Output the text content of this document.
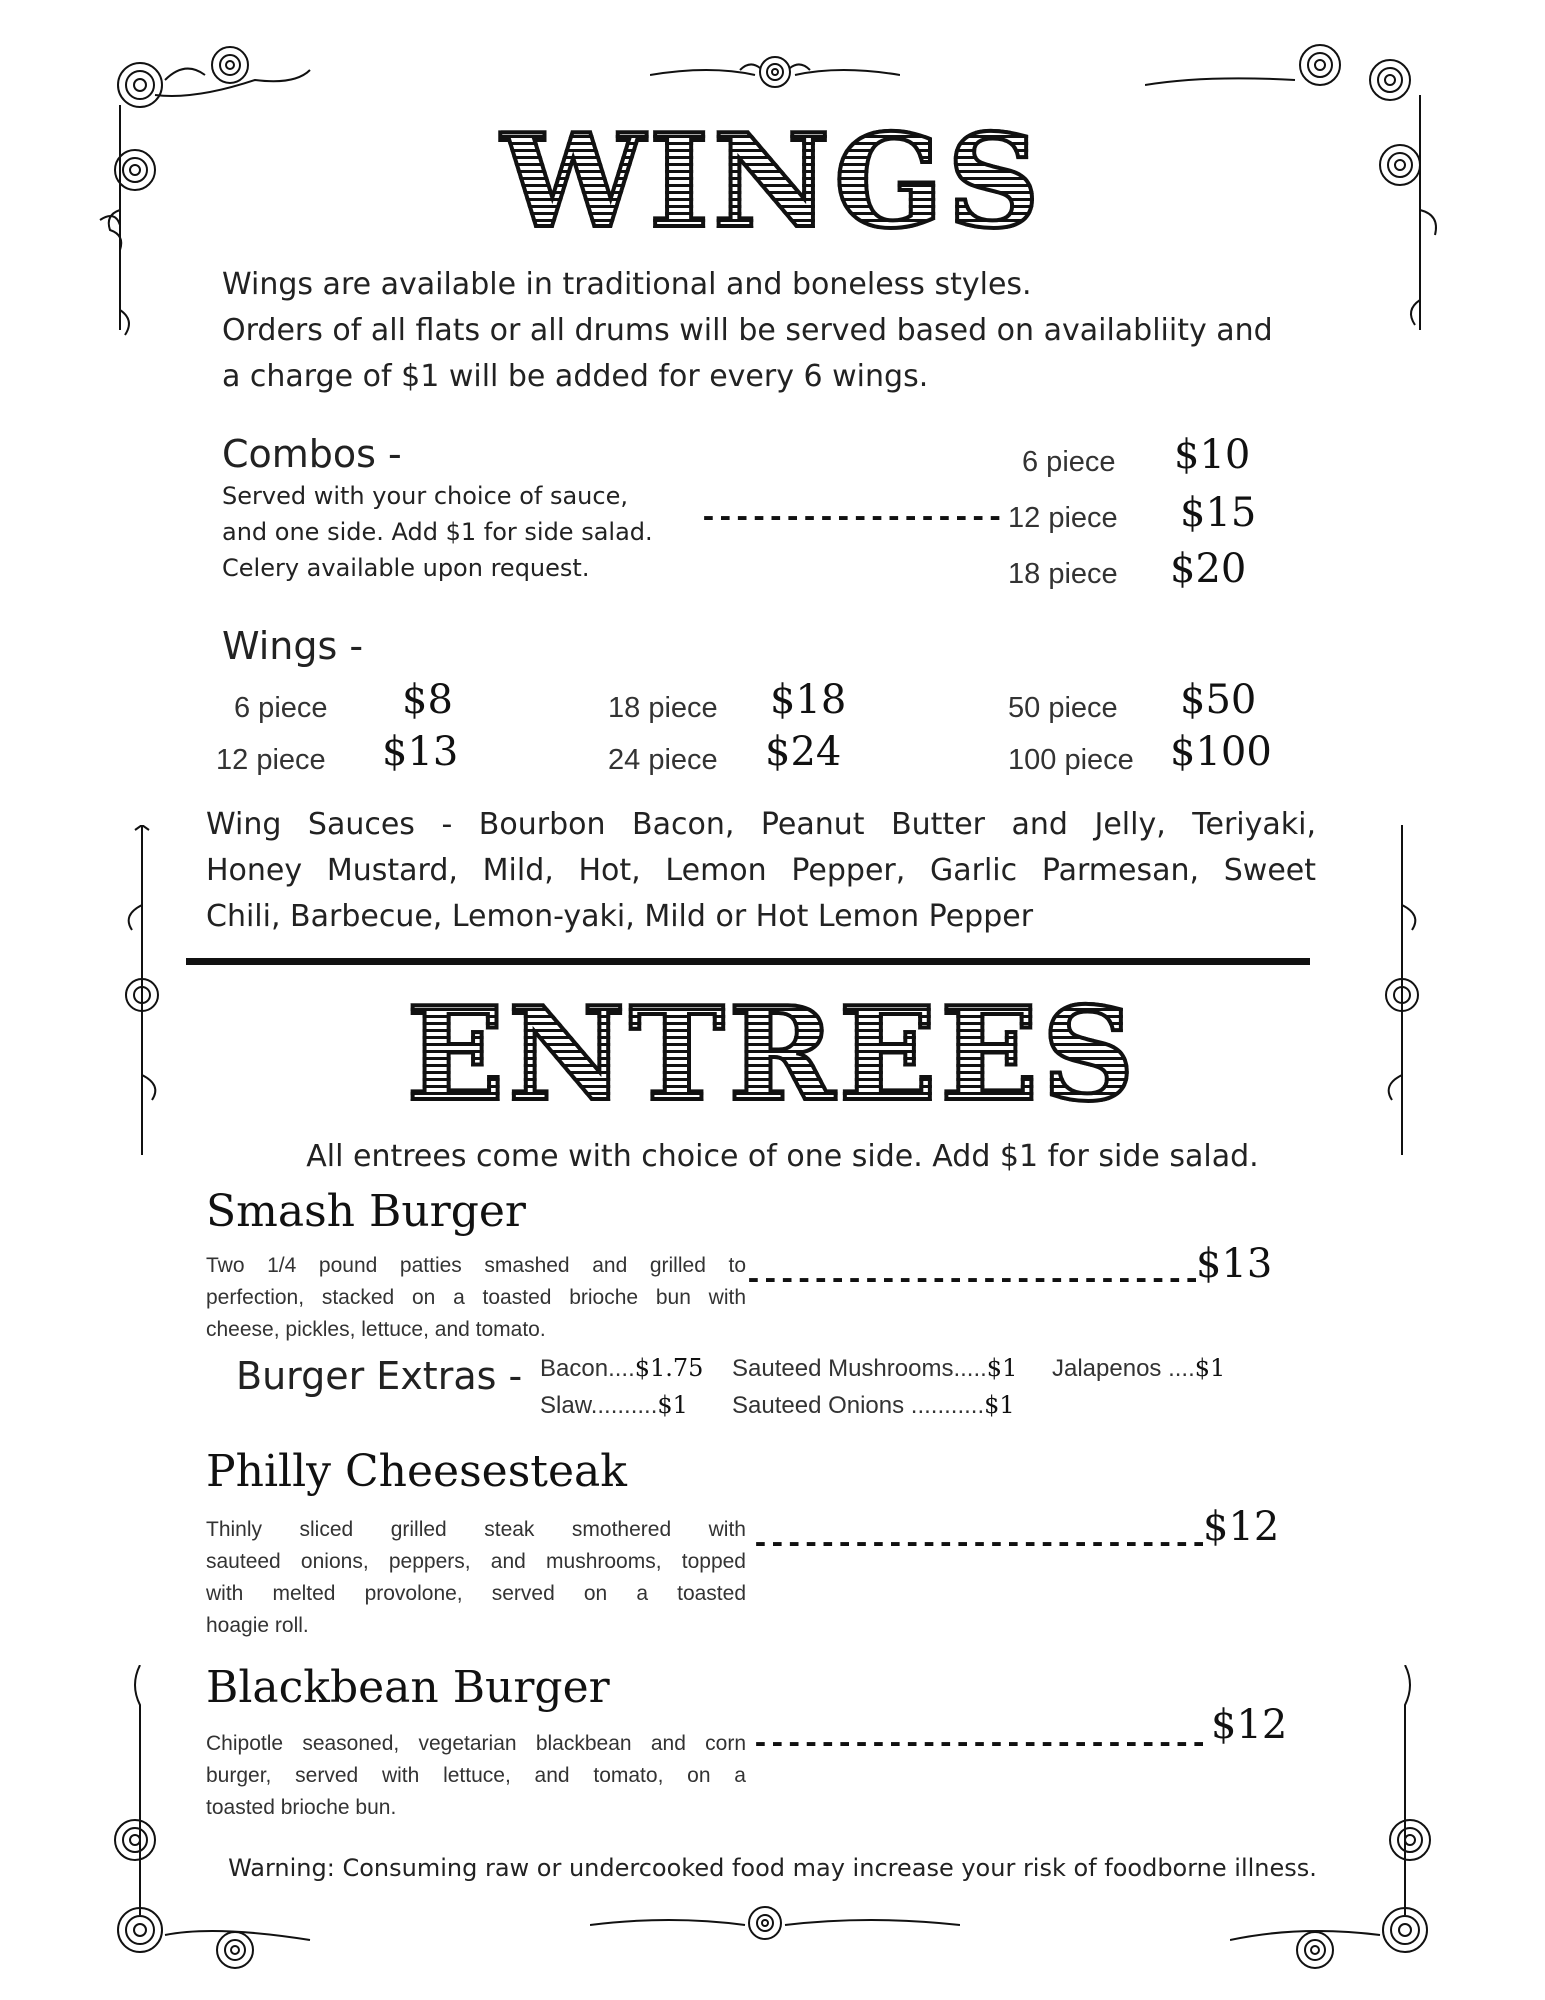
WINGS
Wings are available in traditional and boneless styles.
Orders of all flats or all drums will be served based on availabliity and
a charge of $1 will be added for every 6 wings.
Combos -
Served with your choice of sauce,
and one side. Add $1 for side salad.
Celery available upon request.
------------------
6 piece $10
12 piece $15
18 piece $20
Wings -
6 piece $8
12 piece $13
18 piece $18
24 piece $24
50 piece $50
100 piece $100
Wing Sauces - Bourbon Bacon, Peanut Butter and Jelly, Teriyaki,
Honey Mustard, Mild, Hot, Lemon Pepper, Garlic Parmesan, Sweet
Chili, Barbecue, Lemon-yaki, Mild or Hot Lemon Pepper
ENTREES
All entrees come with choice of one side. Add $1 for side salad.
Smash Burger
Two 1/4 pound patties smashed and grilled to
perfection, stacked on a toasted brioche bun with
cheese, pickles, lettuce, and tomato.
---------------------------
$13
Burger Extras - Bacon....$1.75
Slaw..........$1
Sauteed Mushrooms.....$1
Sauteed Onions ...........$1
Jalapenos ....$1
Philly Cheesesteak
Thinly sliced grilled steak smothered with
sauteed onions, peppers, and mushrooms, topped
with melted provolone, served on a toasted
hoagie roll.
---------------------------
$12
Blackbean Burger
Chipotle seasoned, vegetarian blackbean and corn
burger, served with lettuce, and tomato, on a
toasted brioche bun.
--------------------------- $12
Warning: Consuming raw or undercooked food may increase your risk of foodborne illness.
